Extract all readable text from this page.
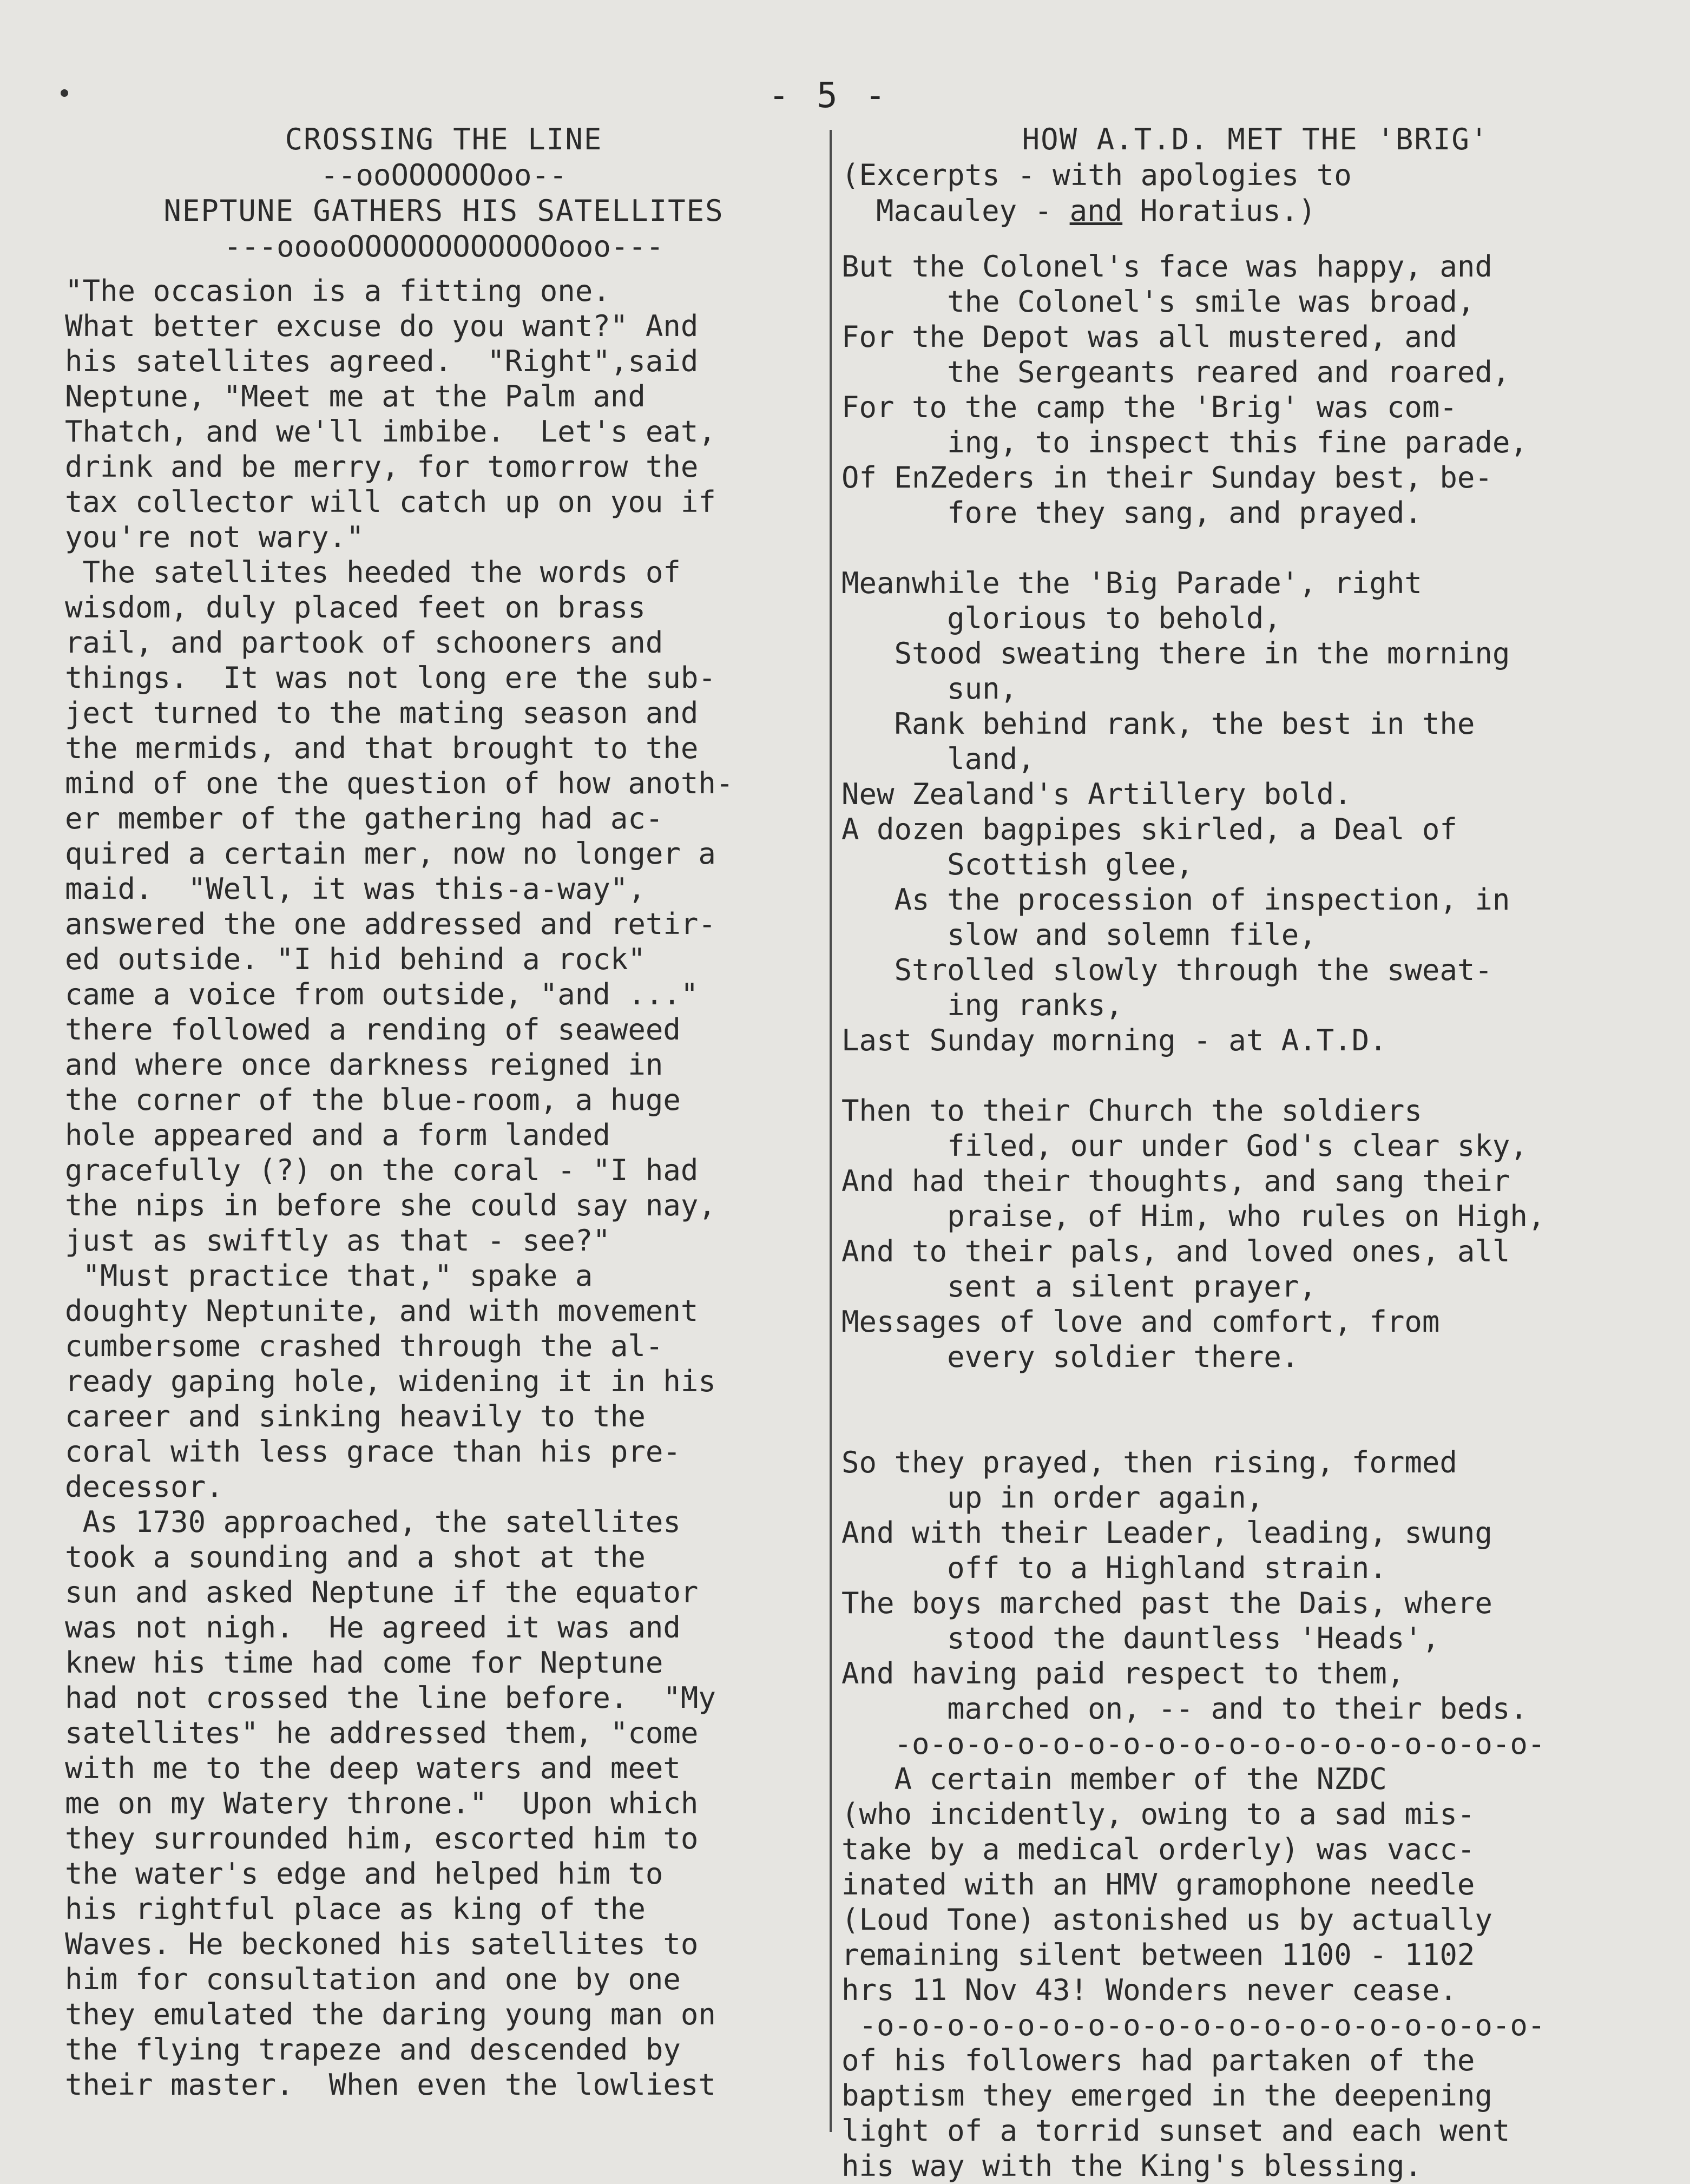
- 5 -

CROSSING THE LINE

--ooOOOOOOoo--

NEPTUNE GATHERS HIS SATELLITES

---ooooOOOOOOOOOOOOooo---

"The occasion is a fitting one.
What better excuse do you want?" And
his satellites agreed.  "Right",said
Neptune, "Meet me at the Palm and
Thatch, and we'll imbibe.  Let's eat,
drink and be merry, for tomorrow the
tax collector will catch up on you if
you're not wary."
The satellites heeded the words of
wisdom, duly placed feet on brass
rail, and partook of schooners and
things.  It was not long ere the sub-
ject turned to the mating season and
the mermids, and that brought to the
mind of one the question of how anoth-
er member of the gathering had ac-
quired a certain mer, now no longer a
maid.  "Well, it was this-a-way",
answered the one addressed and retir-
ed outside. "I hid behind a rock"
came a voice from outside, "and ..."
there followed a rending of seaweed
and where once darkness reigned in
the corner of the blue-room, a huge
hole appeared and a form landed
gracefully (?) on the coral - "I had
the nips in before she could say nay,
just as swiftly as that - see?"
"Must practice that," spake a
doughty Neptunite, and with movement
cumbersome crashed through the al-
ready gaping hole, widening it in his
career and sinking heavily to the
coral with less grace than his pre-
decessor.
As 1730 approached, the satellites
took a sounding and a shot at the
sun and asked Neptune if the equator
was not nigh.  He agreed it was and
knew his time had come for Neptune
had not crossed the line before.  "My
satellites" he addressed them, "come
with me to the deep waters and meet
me on my Watery throne."  Upon which
they surrounded him, escorted him to
the water's edge and helped him to
his rightful place as king of the
Waves. He beckoned his satellites to
him for consultation and one by one
they emulated the daring young man on
the flying trapeze and descended by
their master.  When even the lowliest

HOW A.T.D. MET THE 'BRIG'

(Excerpts - with apologies to

Macauley - and Horatius.)

But the Colonel's face was happy, and
the Colonel's smile was broad,
For the Depot was all mustered, and
the Sergeants reared and roared,
For to the camp the 'Brig' was com-
ing, to inspect this fine parade,
Of EnZeders in their Sunday best, be-
fore they sang, and prayed.
Meanwhile the 'Big Parade', right
glorious to behold,
Stood sweating there in the morning
sun,
Rank behind rank, the best in the
land,
New Zealand's Artillery bold.
A dozen bagpipes skirled, a Deal of
Scottish glee,
As the procession of inspection, in
slow and solemn file,
Strolled slowly through the sweat-
ing ranks,
Last Sunday morning - at A.T.D.
Then to their Church the soldiers
filed, our under God's clear sky,
And had their thoughts, and sang their
praise, of Him, who rules on High,
And to their pals, and loved ones, all
sent a silent prayer,
Messages of love and comfort, from
every soldier there.
So they prayed, then rising, formed
up in order again,
And with their Leader, leading, swung
off to a Highland strain.
The boys marched past the Dais, where
stood the dauntless 'Heads',
And having paid respect to them,
marched on, -- and to their beds.
-o-o-o-o-o-o-o-o-o-o-o-o-o-o-o-o-o-o-
A certain member of the NZDC
(who incidently, owing to a sad mis-
take by a medical orderly) was vacc-
inated with an HMV gramophone needle
(Loud Tone) astonished us by actually
remaining silent between 1100 - 1102
hrs 11 Nov 43! Wonders never cease.
-o-o-o-o-o-o-o-o-o-o-o-o-o-o-o-o-o-o-o-
of his followers had partaken of the
baptism they emerged in the deepening
light of a torrid sunset and each went
his way with the King's blessing.
